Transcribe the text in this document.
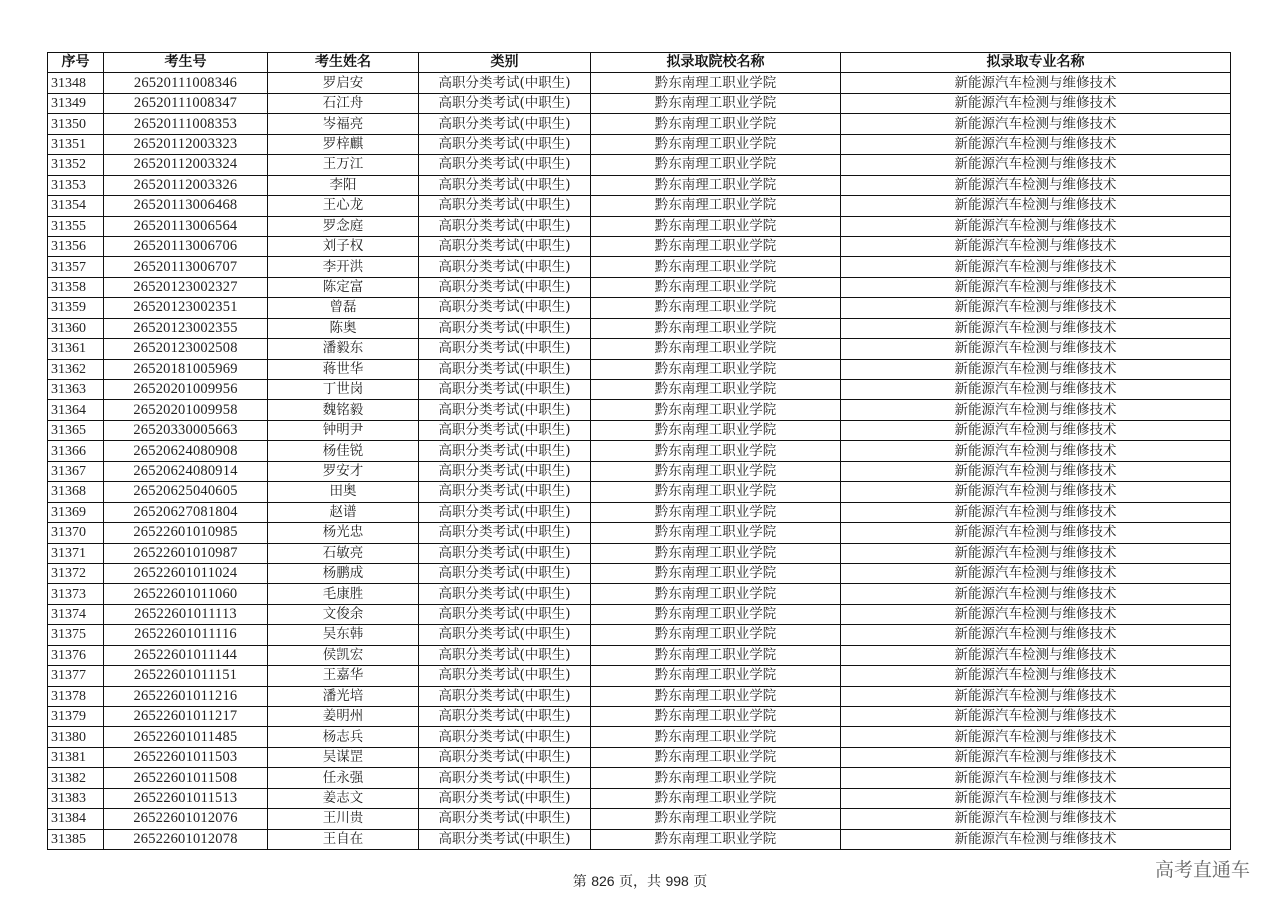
序号	考生号	考生姓名	类别	拟录取院校名称	拟录取专业名称
31348	26520111008346	罗启安	高职分类考试(中职生)	黔东南理工职业学院	新能源汽车检测与维修技术
31349	26520111008347	石江舟	高职分类考试(中职生)	黔东南理工职业学院	新能源汽车检测与维修技术
31350	26520111008353	岑福亮	高职分类考试(中职生)	黔东南理工职业学院	新能源汽车检测与维修技术
31351	26520112003323	罗梓麒	高职分类考试(中职生)	黔东南理工职业学院	新能源汽车检测与维修技术
31352	26520112003324	王万江	高职分类考试(中职生)	黔东南理工职业学院	新能源汽车检测与维修技术
31353	26520112003326	李阳	高职分类考试(中职生)	黔东南理工职业学院	新能源汽车检测与维修技术
31354	26520113006468	王心龙	高职分类考试(中职生)	黔东南理工职业学院	新能源汽车检测与维修技术
31355	26520113006564	罗念庭	高职分类考试(中职生)	黔东南理工职业学院	新能源汽车检测与维修技术
31356	26520113006706	刘子权	高职分类考试(中职生)	黔东南理工职业学院	新能源汽车检测与维修技术
31357	26520113006707	李开洪	高职分类考试(中职生)	黔东南理工职业学院	新能源汽车检测与维修技术
31358	26520123002327	陈定富	高职分类考试(中职生)	黔东南理工职业学院	新能源汽车检测与维修技术
31359	26520123002351	曾磊	高职分类考试(中职生)	黔东南理工职业学院	新能源汽车检测与维修技术
31360	26520123002355	陈奥	高职分类考试(中职生)	黔东南理工职业学院	新能源汽车检测与维修技术
31361	26520123002508	潘毅东	高职分类考试(中职生)	黔东南理工职业学院	新能源汽车检测与维修技术
31362	26520181005969	蒋世华	高职分类考试(中职生)	黔东南理工职业学院	新能源汽车检测与维修技术
31363	26520201009956	丁世岗	高职分类考试(中职生)	黔东南理工职业学院	新能源汽车检测与维修技术
31364	26520201009958	魏铭毅	高职分类考试(中职生)	黔东南理工职业学院	新能源汽车检测与维修技术
31365	26520330005663	钟明尹	高职分类考试(中职生)	黔东南理工职业学院	新能源汽车检测与维修技术
31366	26520624080908	杨佳锐	高职分类考试(中职生)	黔东南理工职业学院	新能源汽车检测与维修技术
31367	26520624080914	罗安才	高职分类考试(中职生)	黔东南理工职业学院	新能源汽车检测与维修技术
31368	26520625040605	田奥	高职分类考试(中职生)	黔东南理工职业学院	新能源汽车检测与维修技术
31369	26520627081804	赵谱	高职分类考试(中职生)	黔东南理工职业学院	新能源汽车检测与维修技术
31370	26522601010985	杨光忠	高职分类考试(中职生)	黔东南理工职业学院	新能源汽车检测与维修技术
31371	26522601010987	石敏亮	高职分类考试(中职生)	黔东南理工职业学院	新能源汽车检测与维修技术
31372	26522601011024	杨鹏成	高职分类考试(中职生)	黔东南理工职业学院	新能源汽车检测与维修技术
31373	26522601011060	毛康胜	高职分类考试(中职生)	黔东南理工职业学院	新能源汽车检测与维修技术
31374	26522601011113	文俊余	高职分类考试(中职生)	黔东南理工职业学院	新能源汽车检测与维修技术
31375	26522601011116	吴东韩	高职分类考试(中职生)	黔东南理工职业学院	新能源汽车检测与维修技术
31376	26522601011144	侯凯宏	高职分类考试(中职生)	黔东南理工职业学院	新能源汽车检测与维修技术
31377	26522601011151	王嘉华	高职分类考试(中职生)	黔东南理工职业学院	新能源汽车检测与维修技术
31378	26522601011216	潘光培	高职分类考试(中职生)	黔东南理工职业学院	新能源汽车检测与维修技术
31379	26522601011217	姜明州	高职分类考试(中职生)	黔东南理工职业学院	新能源汽车检测与维修技术
31380	26522601011485	杨志兵	高职分类考试(中职生)	黔东南理工职业学院	新能源汽车检测与维修技术
31381	26522601011503	吴谋罡	高职分类考试(中职生)	黔东南理工职业学院	新能源汽车检测与维修技术
31382	26522601011508	任永强	高职分类考试(中职生)	黔东南理工职业学院	新能源汽车检测与维修技术
31383	26522601011513	姜志文	高职分类考试(中职生)	黔东南理工职业学院	新能源汽车检测与维修技术
31384	26522601012076	王川贵	高职分类考试(中职生)	黔东南理工职业学院	新能源汽车检测与维修技术
31385	26522601012078	王自在	高职分类考试(中职生)	黔东南理工职业学院	新能源汽车检测与维修技术
第 826 页，共 998 页
高考直通车
